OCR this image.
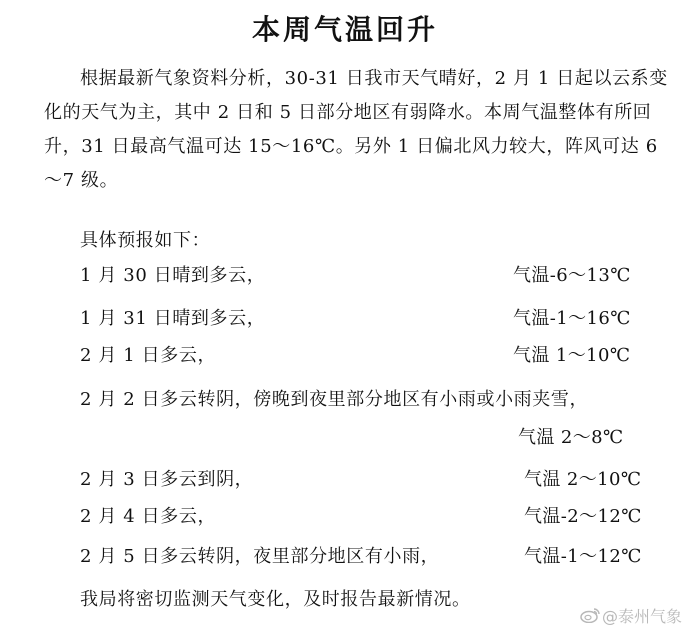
本周气温回升

根据最新气象资料分析，30-31 日我市天气晴好，2 月 1 日起以云系变化的天气为主，其中 2 日和 5 日部分地区有弱降水。本周气温整体有所回升，31 日最高气温可达 15～16℃。另外 1 日偏北风力较大，阵风可达 6～7 级。

具体预报如下：
1 月 30 日晴到多云，	气温-6～13℃
1 月 31 日晴到多云，	气温-1～16℃
2 月 1 日多云，	气温 1～10℃
2 月 2 日多云转阴，傍晚到夜里部分地区有小雨或小雨夹雪，
气温 2～8℃
2 月 3 日多云到阴，	气温 2～10℃
2 月 4 日多云，	气温-2～12℃
2 月 5 日多云转阴，夜里部分地区有小雨，	气温-1～12℃
我局将密切监测天气变化，及时报告最新情况。
@泰州气象
